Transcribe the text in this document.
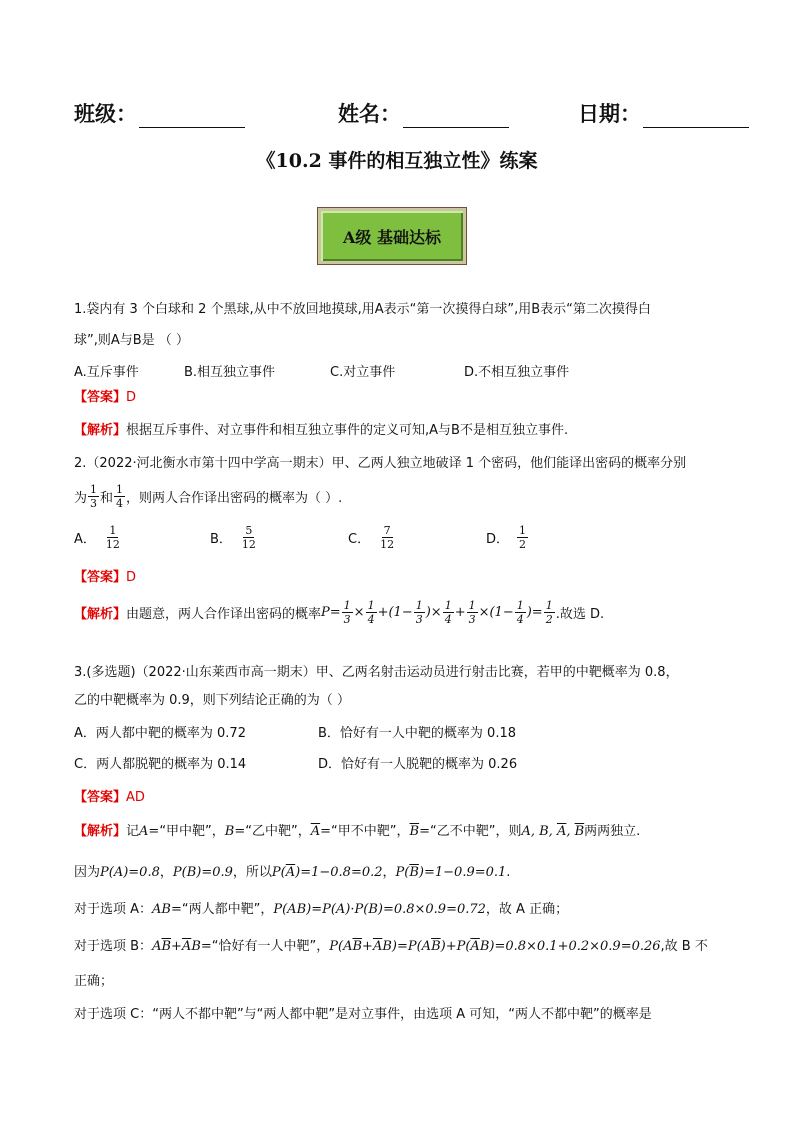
班级：	姓名：	日期：
《10.2 事件的相互独立性》练案
A级 基础达标
1.袋内有 3 个白球和 2 个黑球,从中不放回地摸球,用A表示“第一次摸得白球”,用B表示“第二次摸得白
球”,则A与B是 （ ）
A.互斥事件	B.相互独立事件	C.对立事件	D.不相互独立事件
【答案】D
【解析】根据互斥事件、对立事件和相互独立事件的定义可知,A与B不是相互独立事件.
2.（2022·河北衡水市第十四中学高一期末）甲、乙两人独立地破译 1 个密码，他们能译出密码的概率分别
为 $\frac{1}{3}$ 和 $\frac{1}{4}$ ，则两人合作译出密码的概率为（ ）.
A． $\frac{1}{12}$	B． $\frac{5}{12}$	C． $\frac{7}{12}$	D． $\frac{1}{2}$
【答案】D
【解析】 由题意，两人合作译出密码的概率 $P= \frac{1}{3} \times \frac{1}{4} +(1- \frac{1}{3}$ )× $\frac{1}{4} + \frac{1}{3} \times(1- \frac{1}{4}$ )= $\frac{1}{2}$ .故选 D.
3.(多选题)（2022·山东莱西市高一期末）甲、乙两名射击运动员进行射击比赛，若甲的中靶概率为 0.8，
乙的中靶概率为 0.9，则下列结论正确的为（ ）
A．两人都中靶的概率为 0.72	B．恰好有一人中靶的概率为 0.18
C．两人都脱靶的概率为 0.14	D．恰好有一人脱靶的概率为 0.26
【答案】AD
【解析】记A=“甲中靶”，B=“乙中靶”，$\overline{A}=“$甲不中靶”，$\overline{B}=“$乙不中靶”，则A, B, $\overline{A}$, $\overline{B}$两两独立.
因为P(A)=0.8，P(B)=0.9，所以$P(\overline{A})=1-0.8=0.2$，$P(\overline{B})=1-0.9=0.1$.
对于选项 A：AB=“两人都中靶”，P(AB)=P(A)·P(B)=0.8×0.9=0.72，故 A 正确；
对于选项 B：$A\overline{B}+\overline{A}B=“$恰好有一人中靶”，$P(A\overline{B}+\overline{A}B)=P(A\overline{B})+P(\overline{A}B)=0.8\times 0.1+0.2\times 0.9=0.26$,故 B 不
正确；
对于选项 C：“两人不都中靶”与“两人都中靶”是对立事件，由选项 A 可知，“两人不都中靶”的概率是
